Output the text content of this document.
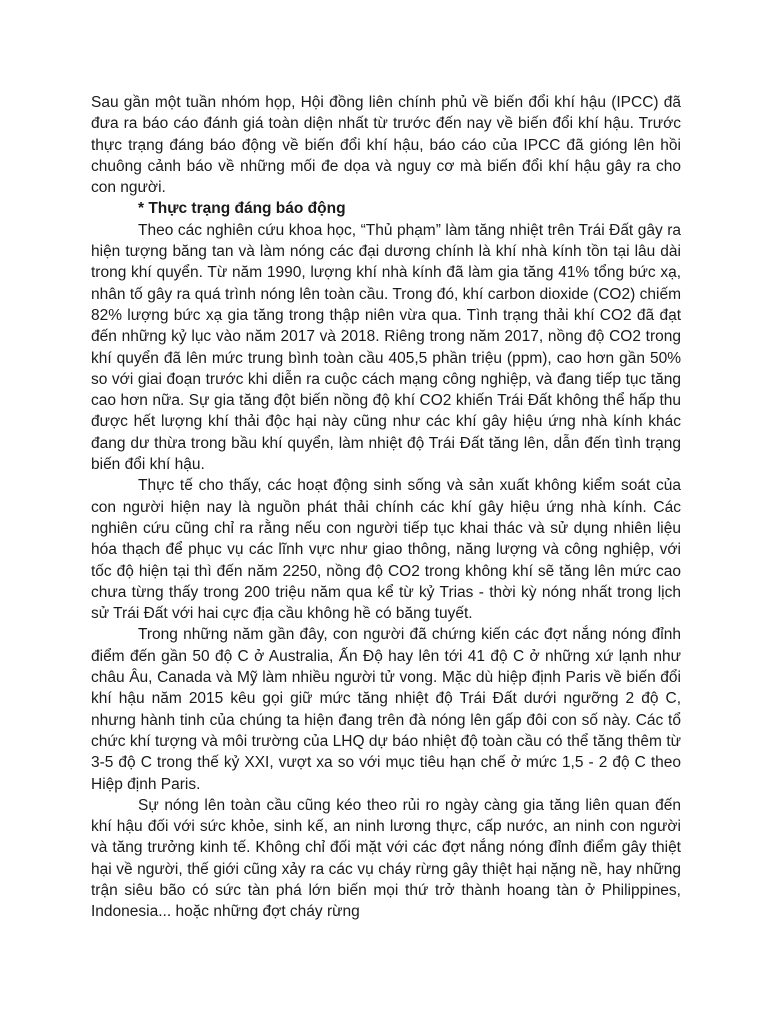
Sau gần một tuần nhóm họp, Hội đồng liên chính phủ về biến đổi khí hậu (IPCC) đã đưa ra báo cáo đánh giá toàn diện nhất từ trước đến nay về biến đổi khí hậu. Trước thực trạng đáng báo động về biến đổi khí hậu, báo cáo của IPCC đã gióng lên hồi chuông cảnh báo về những mối đe dọa và nguy cơ mà biến đổi khí hậu gây ra cho con người.

* Thực trạng đáng báo động

Theo các nghiên cứu khoa học, “Thủ phạm” làm tăng nhiệt trên Trái Đất gây ra hiện tượng băng tan và làm nóng các đại dương chính là khí nhà kính tồn tại lâu dài trong khí quyển. Từ năm 1990, lượng khí nhà kính đã làm gia tăng 41% tổng bức xạ, nhân tố gây ra quá trình nóng lên toàn cầu. Trong đó, khí carbon dioxide (CO2) chiếm 82% lượng bức xạ gia tăng trong thập niên vừa qua. Tình trạng thải khí CO2 đã đạt đến những kỷ lục vào năm 2017 và 2018. Riêng trong năm 2017, nồng độ CO2 trong khí quyển đã lên mức trung bình toàn cầu 405,5 phần triệu (ppm), cao hơn gần 50% so với giai đoạn trước khi diễn ra cuộc cách mạng công nghiệp, và đang tiếp tục tăng cao hơn nữa. Sự gia tăng đột biến nồng độ khí CO2 khiến Trái Đất không thể hấp thu được hết lượng khí thải độc hại này cũng như các khí gây hiệu ứng nhà kính khác đang dư thừa trong bầu khí quyển, làm nhiệt độ Trái Đất tăng lên, dẫn đến tình trạng biến đổi khí hậu.

Thực tế cho thấy, các hoạt động sinh sống và sản xuất không kiểm soát của con người hiện nay là nguồn phát thải chính các khí gây hiệu ứng nhà kính. Các nghiên cứu cũng chỉ ra rằng nếu con người tiếp tục khai thác và sử dụng nhiên liệu hóa thạch để phục vụ các lĩnh vực như giao thông, năng lượng và công nghiệp, với tốc độ hiện tại thì đến năm 2250, nồng độ CO2 trong không khí sẽ tăng lên mức cao chưa từng thấy trong 200 triệu năm qua kể từ kỷ Trias - thời kỳ nóng nhất trong lịch sử Trái Đất với hai cực địa cầu không hề có băng tuyết.

Trong những năm gần đây, con người đã chứng kiến các đợt nắng nóng đỉnh điểm đến gần 50 độ C ở Australia, Ấn Độ hay lên tới 41 độ C ở những xứ lạnh như châu Âu, Canada và Mỹ làm nhiều người tử vong. Mặc dù hiệp định Paris về biến đổi khí hậu năm 2015 kêu gọi giữ mức tăng nhiệt độ Trái Đất dưới ngưỡng 2 độ C, nhưng hành tinh của chúng ta hiện đang trên đà nóng lên gấp đôi con số này. Các tổ chức khí tượng và môi trường của LHQ dự báo nhiệt độ toàn cầu có thể tăng thêm từ 3-5 độ C trong thế kỷ XXI, vượt xa so với mục tiêu hạn chế ở mức 1,5 - 2 độ C theo Hiệp định Paris.

Sự nóng lên toàn cầu cũng kéo theo rủi ro ngày càng gia tăng liên quan đến khí hậu đối với sức khỏe, sinh kế, an ninh lương thực, cấp nước, an ninh con người và tăng trưởng kinh tế. Không chỉ đối mặt với các đợt nắng nóng đỉnh điểm gây thiệt hại về người, thế giới cũng xảy ra các vụ cháy rừng gây thiệt hại nặng nề, hay những trận siêu bão có sức tàn phá lớn biến mọi thứ trở thành hoang tàn ở Philippines, Indonesia... hoặc những đợt cháy rừng
